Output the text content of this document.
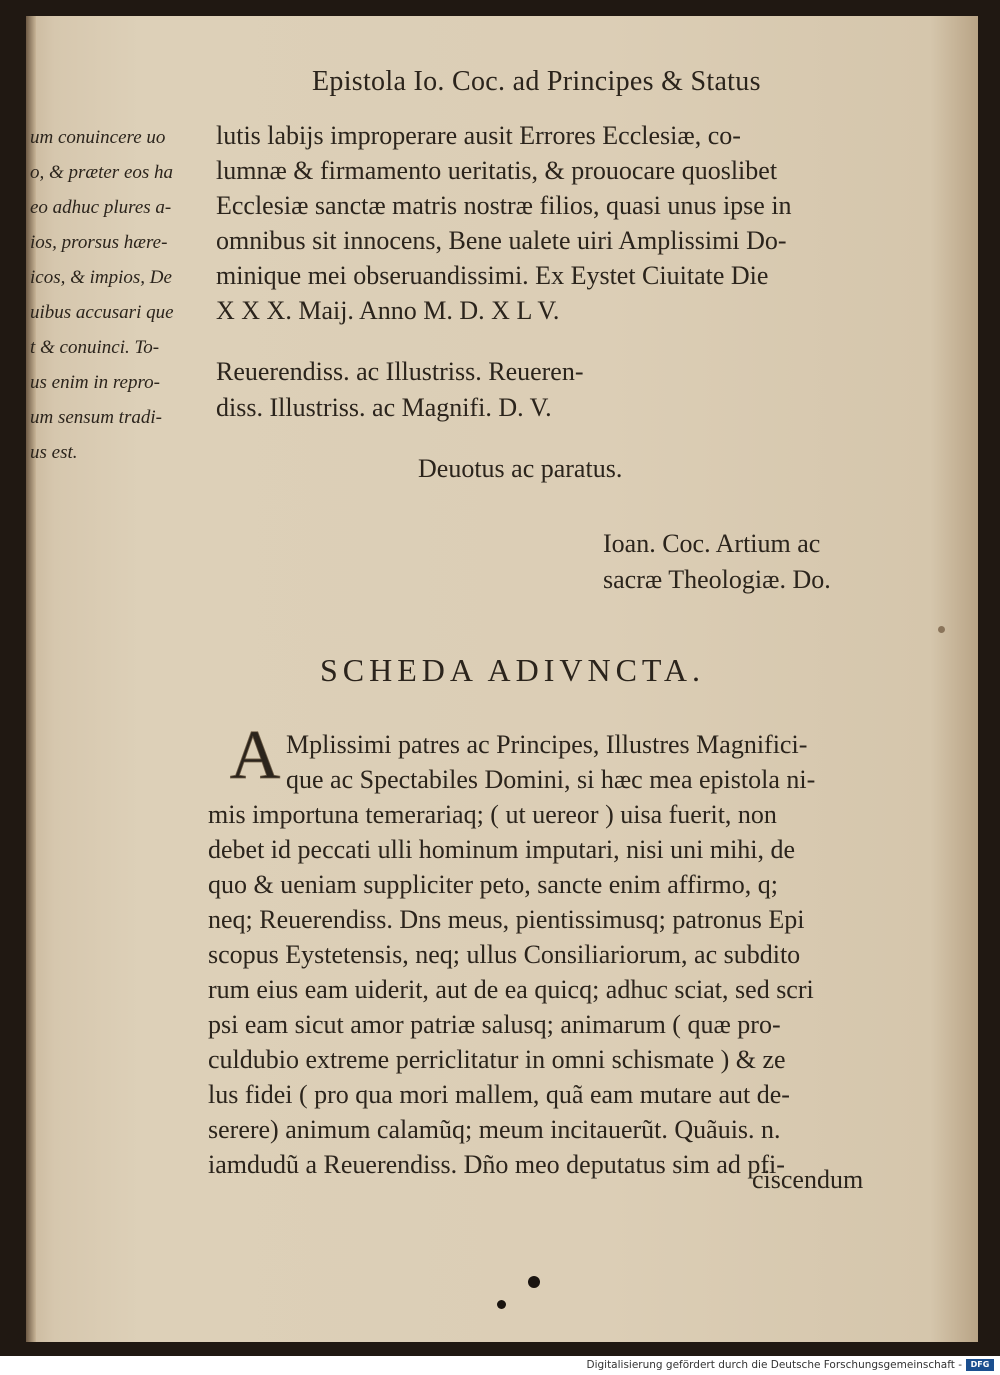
Epistola Io. Coc. ad Principes & Status
um conuincere uo
o, & præter eos ha
eo adhuc plures a-
ios, prorsus hære-
icos, & impios, De
uibus accusari que
t & conuinci. To-
us enim in repro-
um sensum tradi-
us est.
lutis labijs improperare ausit Errores Ecclesiæ, co-
lumnæ & firmamento ueritatis, & prouocare quoslibet
Ecclesiæ sanctæ matris nostræ filios, quasi unus ipse in
omnibus sit innocens, Bene ualete uiri Amplissimi Do-
minique mei obseruandissimi. Ex Eystet Ciuitate Die
X X X. Maij. Anno M. D. X L V.
Reuerendiss. ac Illustriss. Reueren-
diss. Illustriss. ac Magnifi. D. V.
Deuotus ac paratus.
Ioan. Coc. Artium ac
sacræ Theologiæ. Do.
SCHEDA ADIVNCTA.
A Mplissimi patres ac Principes, Illustres Magnifici-
que ac Spectabiles Domini, si hæc mea epistola ni-
mis importuna temerariaq; ( ut uereor ) uisa fuerit, non
debet id peccati ulli hominum imputari, nisi uni mihi, de
quo & ueniam suppliciter peto, sancte enim affirmo, q;
neq; Reuerendiss. Dns meus, pientissimusq; patronus Epi
scopus Eystetensis, neq; ullus Consiliariorum, ac subdito
rum eius eam uiderit, aut de ea quicq; adhuc sciat, sed scri
psi eam sicut amor patriæ salusq; animarum ( quæ pro-
culdubio extreme perriclitatur in omni schismate ) & ze
lus fidei ( pro qua mori mallem, quã eam mutare aut de-
serere) animum calamũq; meum incitauerũt. Quãuis. n.
iamdudũ a Reuerendiss. Dño meo deputatus sim ad pfi-
ciscendum
Digitalisierung gefördert durch die Deutsche Forschungsgemeinschaft -	DFG
